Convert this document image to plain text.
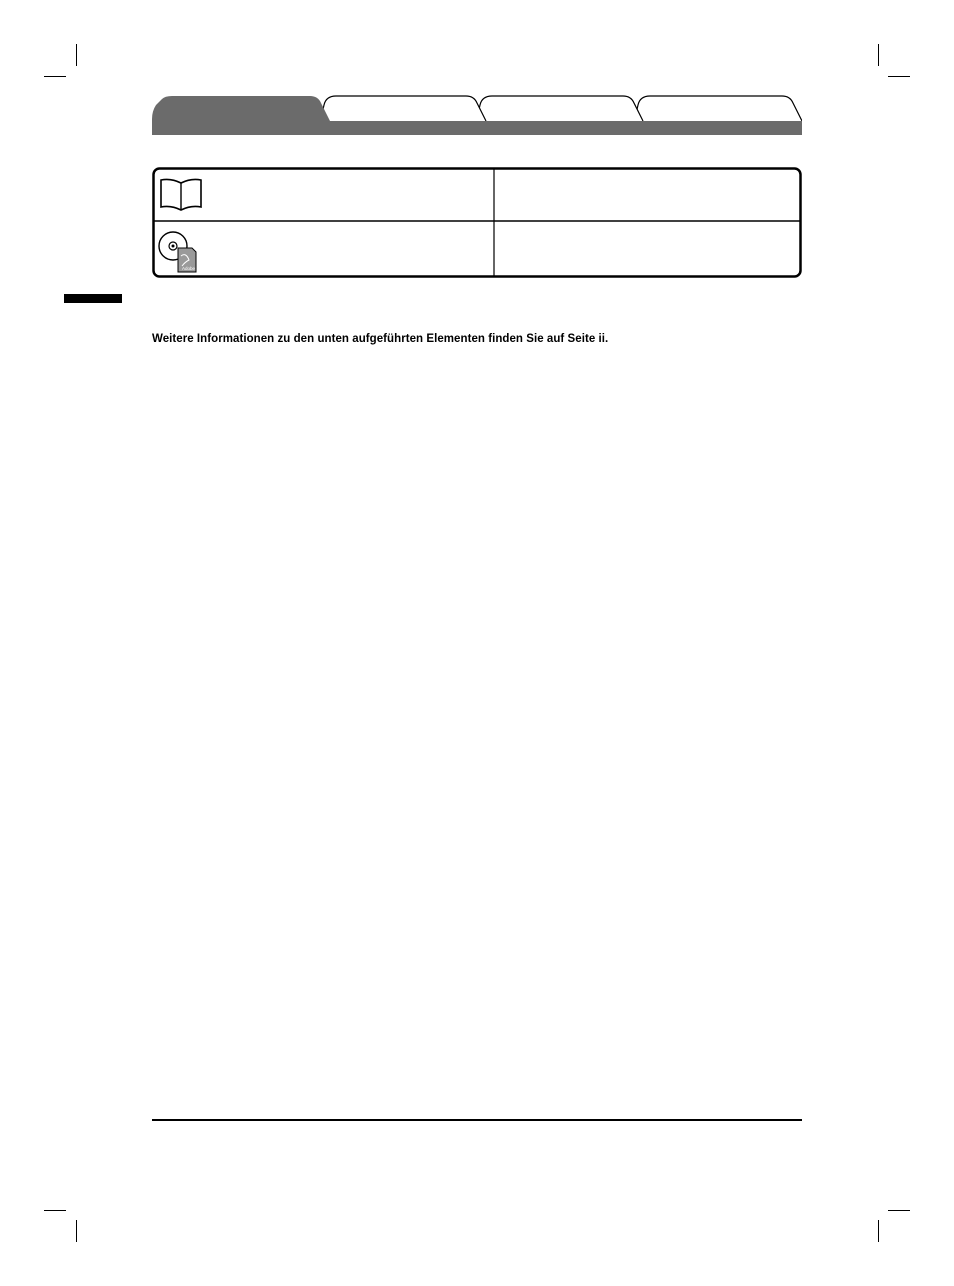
Adobe

Weitere Informationen zu den unten aufgeführten Elementen finden Sie auf Seite ii.
